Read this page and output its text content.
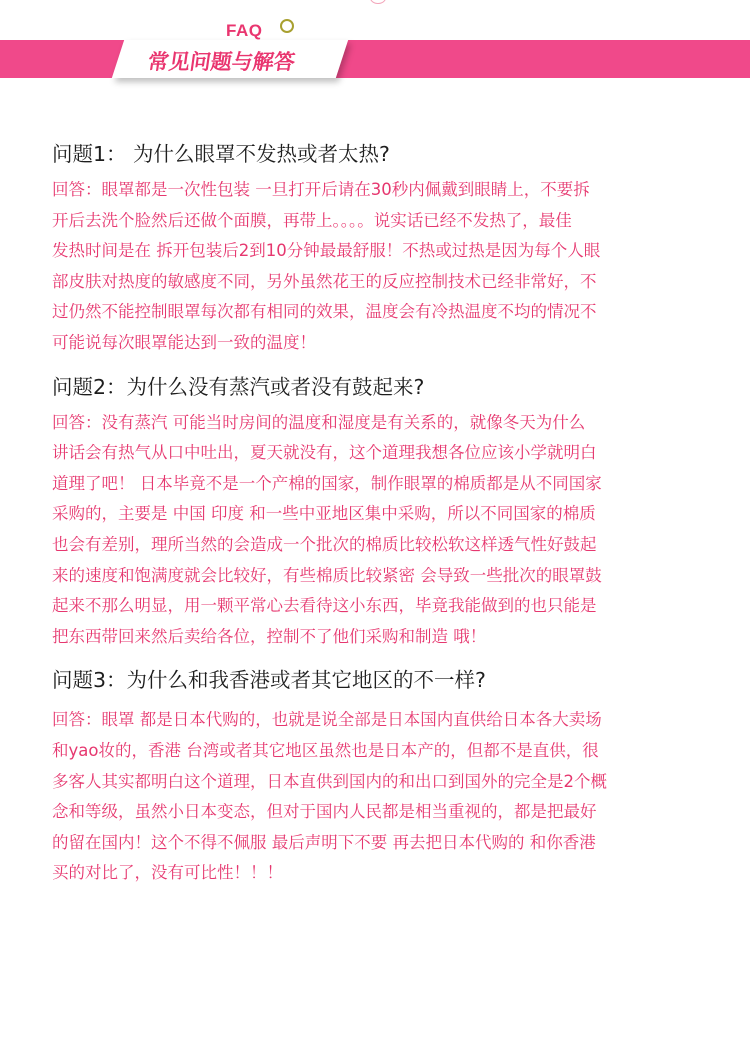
FAQ
常见问题与解答

问题1： 为什么眼罩不发热或者太热?

回答：眼罩都是一次性包装 一旦打开后请在30秒内佩戴到眼睛上，不要拆
开后去洗个脸然后还做个面膜，再带上。。。。说实话已经不发热了，最佳
发热时间是在 拆开包装后2到10分钟最最舒服！不热或过热是因为每个人眼
部皮肤对热度的敏感度不同，另外虽然花王的反应控制技术已经非常好，不
过仍然不能控制眼罩每次都有相同的效果，温度会有冷热温度不均的情况不
可能说每次眼罩能达到一致的温度！

问题2：为什么没有蒸汽或者没有鼓起来?

回答：没有蒸汽 可能当时房间的温度和湿度是有关系的，就像冬天为什么
讲话会有热气从口中吐出，夏天就没有，这个道理我想各位应该小学就明白
道理了吧！ 日本毕竟不是一个产棉的国家，制作眼罩的棉质都是从不同国家
采购的，主要是 中国 印度 和一些中亚地区集中采购，所以不同国家的棉质
也会有差别，理所当然的会造成一个批次的棉质比较松软这样透气性好鼓起
来的速度和饱满度就会比较好，有些棉质比较紧密 会导致一些批次的眼罩鼓
起来不那么明显，用一颗平常心去看待这小东西，毕竟我能做到的也只能是
把东西带回来然后卖给各位，控制不了他们采购和制造 哦！

问题3：为什么和我香港或者其它地区的不一样?

回答：眼罩 都是日本代购的，也就是说全部是日本国内直供给日本各大卖场
和yao妆的，香港 台湾或者其它地区虽然也是日本产的，但都不是直供，很
多客人其实都明白这个道理，日本直供到国内的和出口到国外的完全是2个概
念和等级，虽然小日本变态，但对于国内人民都是相当重视的，都是把最好
的留在国内！这个不得不佩服 最后声明下不要 再去把日本代购的 和你香港
买的对比了，没有可比性！！！
